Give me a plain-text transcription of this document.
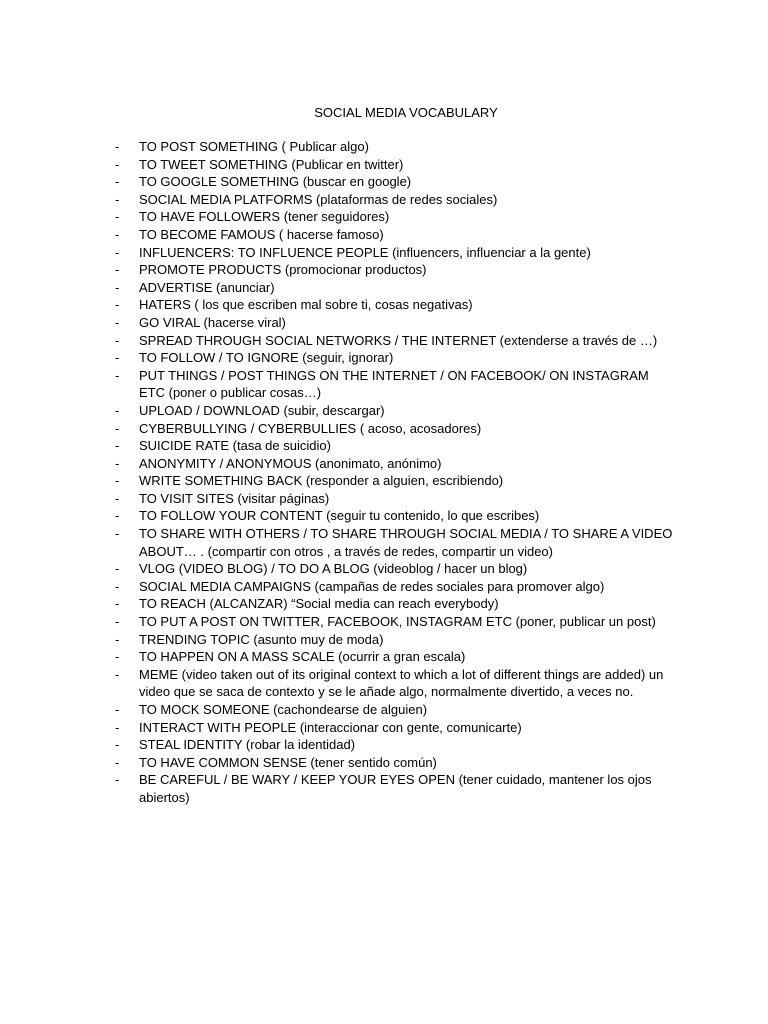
SOCIAL MEDIA VOCABULARY
- TO POST SOMETHING ( Publicar algo)
- TO TWEET SOMETHING (Publicar en twitter)
- TO GOOGLE SOMETHING (buscar en google)
- SOCIAL MEDIA PLATFORMS (plataformas de redes sociales)
- TO HAVE FOLLOWERS (tener seguidores)
- TO BECOME FAMOUS ( hacerse famoso)
- INFLUENCERS: TO INFLUENCE PEOPLE (influencers, influenciar a la gente)
- PROMOTE PRODUCTS (promocionar productos)
- ADVERTISE (anunciar)
- HATERS ( los que escriben mal sobre ti, cosas negativas)
- GO VIRAL (hacerse viral)
- SPREAD THROUGH SOCIAL NETWORKS / THE INTERNET (extenderse a través de …)
- TO FOLLOW / TO IGNORE (seguir, ignorar)
- PUT THINGS / POST THINGS ON THE INTERNET / ON FACEBOOK/ ON INSTAGRAM ETC (poner o publicar cosas…)
- UPLOAD / DOWNLOAD (subir, descargar)
- CYBERBULLYING / CYBERBULLIES ( acoso, acosadores)
- SUICIDE RATE (tasa de suicidio)
- ANONYMITY / ANONYMOUS (anonimato, anónimo)
- WRITE SOMETHING BACK (responder a alguien, escribiendo)
- TO VISIT SITES (visitar páginas)
- TO FOLLOW YOUR CONTENT (seguir tu contenido, lo que escribes)
- TO SHARE WITH OTHERS / TO SHARE THROUGH SOCIAL MEDIA / TO SHARE A VIDEO ABOUT… . (compartir con otros , a través de redes, compartir un video)
- VLOG (VIDEO BLOG) / TO DO A BLOG (videoblog / hacer un blog)
- SOCIAL MEDIA CAMPAIGNS (campañas de redes sociales para promover algo)
- TO REACH (ALCANZAR) “Social media can reach everybody)
- TO PUT A POST ON TWITTER, FACEBOOK, INSTAGRAM ETC (poner, publicar un post)
- TRENDING TOPIC (asunto muy de moda)
- TO HAPPEN ON A MASS SCALE (ocurrir a gran escala)
- MEME (video taken out of its original context to which a lot of different things are added) un video que se saca de contexto y se le añade algo, normalmente divertido, a veces no.
- TO MOCK SOMEONE (cachondearse de alguien)
- INTERACT WITH PEOPLE (interaccionar con gente, comunicarte)
- STEAL IDENTITY (robar la identidad)
- TO HAVE COMMON SENSE (tener sentido común)
- BE CAREFUL / BE WARY / KEEP YOUR EYES OPEN (tener cuidado, mantener los ojos abiertos)
